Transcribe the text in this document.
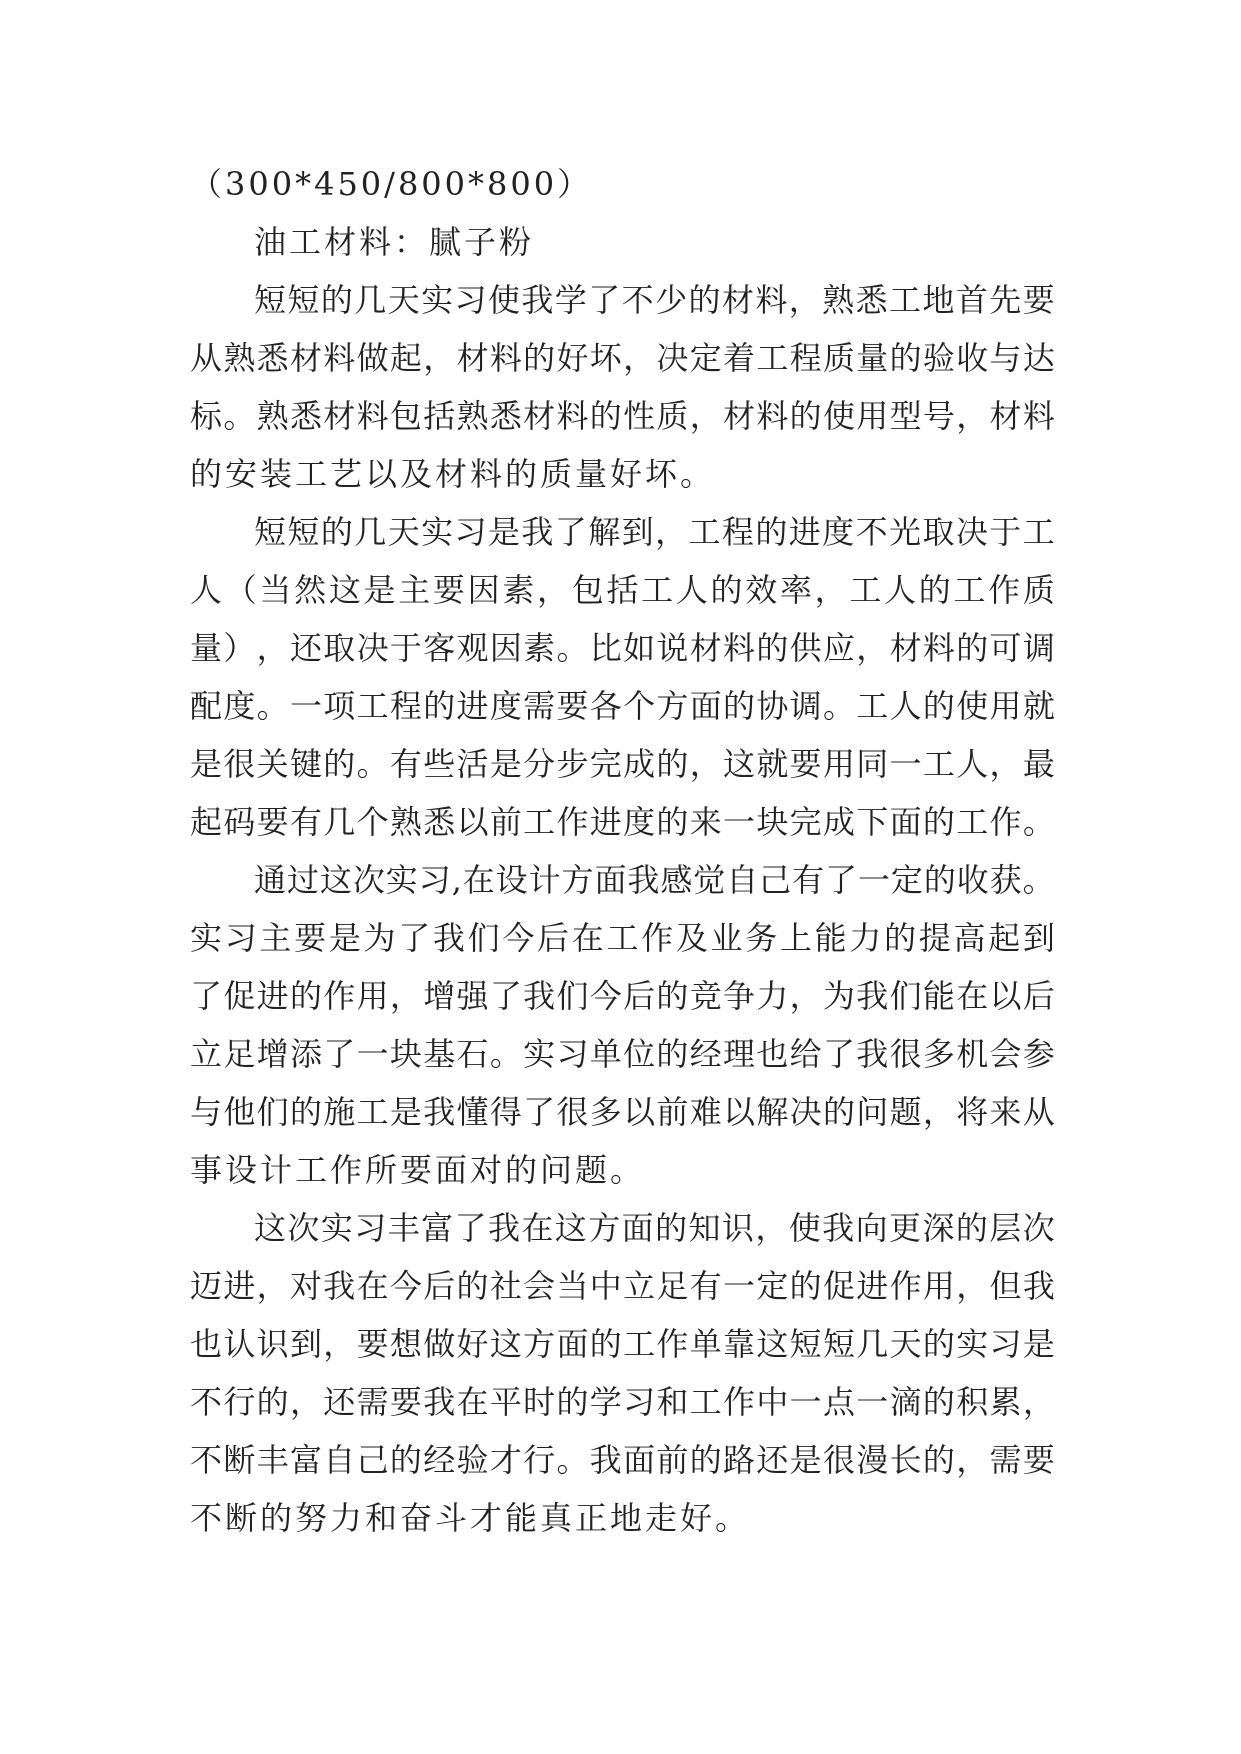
（300*450/800*800）
油工材料：腻子粉
短 短 的 几 天 实 习 使 我 学 了 不 少 的 材 料 ， 熟 悉 工 地 首 先 要
从 熟 悉 材 料 做 起 ， 材 料 的 好 坏 ， 决 定 着 工 程 质 量 的 验 收 与 达
标 。 熟 悉 材 料 包 括 熟 悉 材 料 的 性 质 ， 材 料 的 使 用 型 号 ， 材 料
的安装工艺以及材料的质量好坏。
短 短 的 几 天 实 习 是 我 了 解 到 ， 工 程 的 进 度 不 光 取 决 于 工
人 （ 当 然 这 是 主 要 因 素 ， 包 括 工 人 的 效 率 ， 工 人 的 工 作 质
量 ） ， 还 取 决 于 客 观 因 素 。 比 如 说 材 料 的 供 应 ， 材 料 的 可 调
配 度 。 一 项 工 程 的 进 度 需 要 各 个 方 面 的 协 调 。 工 人 的 使 用 就
是 很 关 键 的 。 有 些 活 是 分 步 完 成 的 ， 这 就 要 用 同 一 工 人 ， 最
起 码 要 有 几 个 熟 悉 以 前 工 作 进 度 的 来 一 块 完 成 下 面 的 工 作 。
通 过 这 次 实 习 , 在 设 计 方 面 我 感 觉 自 己 有 了 一 定 的 收 获 。
实 习 主 要 是 为 了 我 们 今 后 在 工 作 及 业 务 上 能 力 的 提 高 起 到
了 促 进 的 作 用 ， 增 强 了 我 们 今 后 的 竞 争 力 ， 为 我 们 能 在 以 后
立 足 增 添 了 一 块 基 石 。 实 习 单 位 的 经 理 也 给 了 我 很 多 机 会 参
与 他 们 的 施 工 是 我 懂 得 了 很 多 以 前 难 以 解 决 的 问 题 ， 将 来 从
事设计工作所要面对的问题。
这 次 实 习 丰 富 了 我 在 这 方 面 的 知 识 ， 使 我 向 更 深 的 层 次
迈 进 ， 对 我 在 今 后 的 社 会 当 中 立 足 有 一 定 的 促 进 作 用 ， 但 我
也 认 识 到 ， 要 想 做 好 这 方 面 的 工 作 单 靠 这 短 短 几 天 的 实 习 是
不 行 的 ， 还 需 要 我 在 平 时 的 学 习 和 工 作 中 一 点 一 滴 的 积 累 ，
不 断 丰 富 自 己 的 经 验 才 行 。 我 面 前 的 路 还 是 很 漫 长 的 ， 需 要
不断的努力和奋斗才能真正地走好。
